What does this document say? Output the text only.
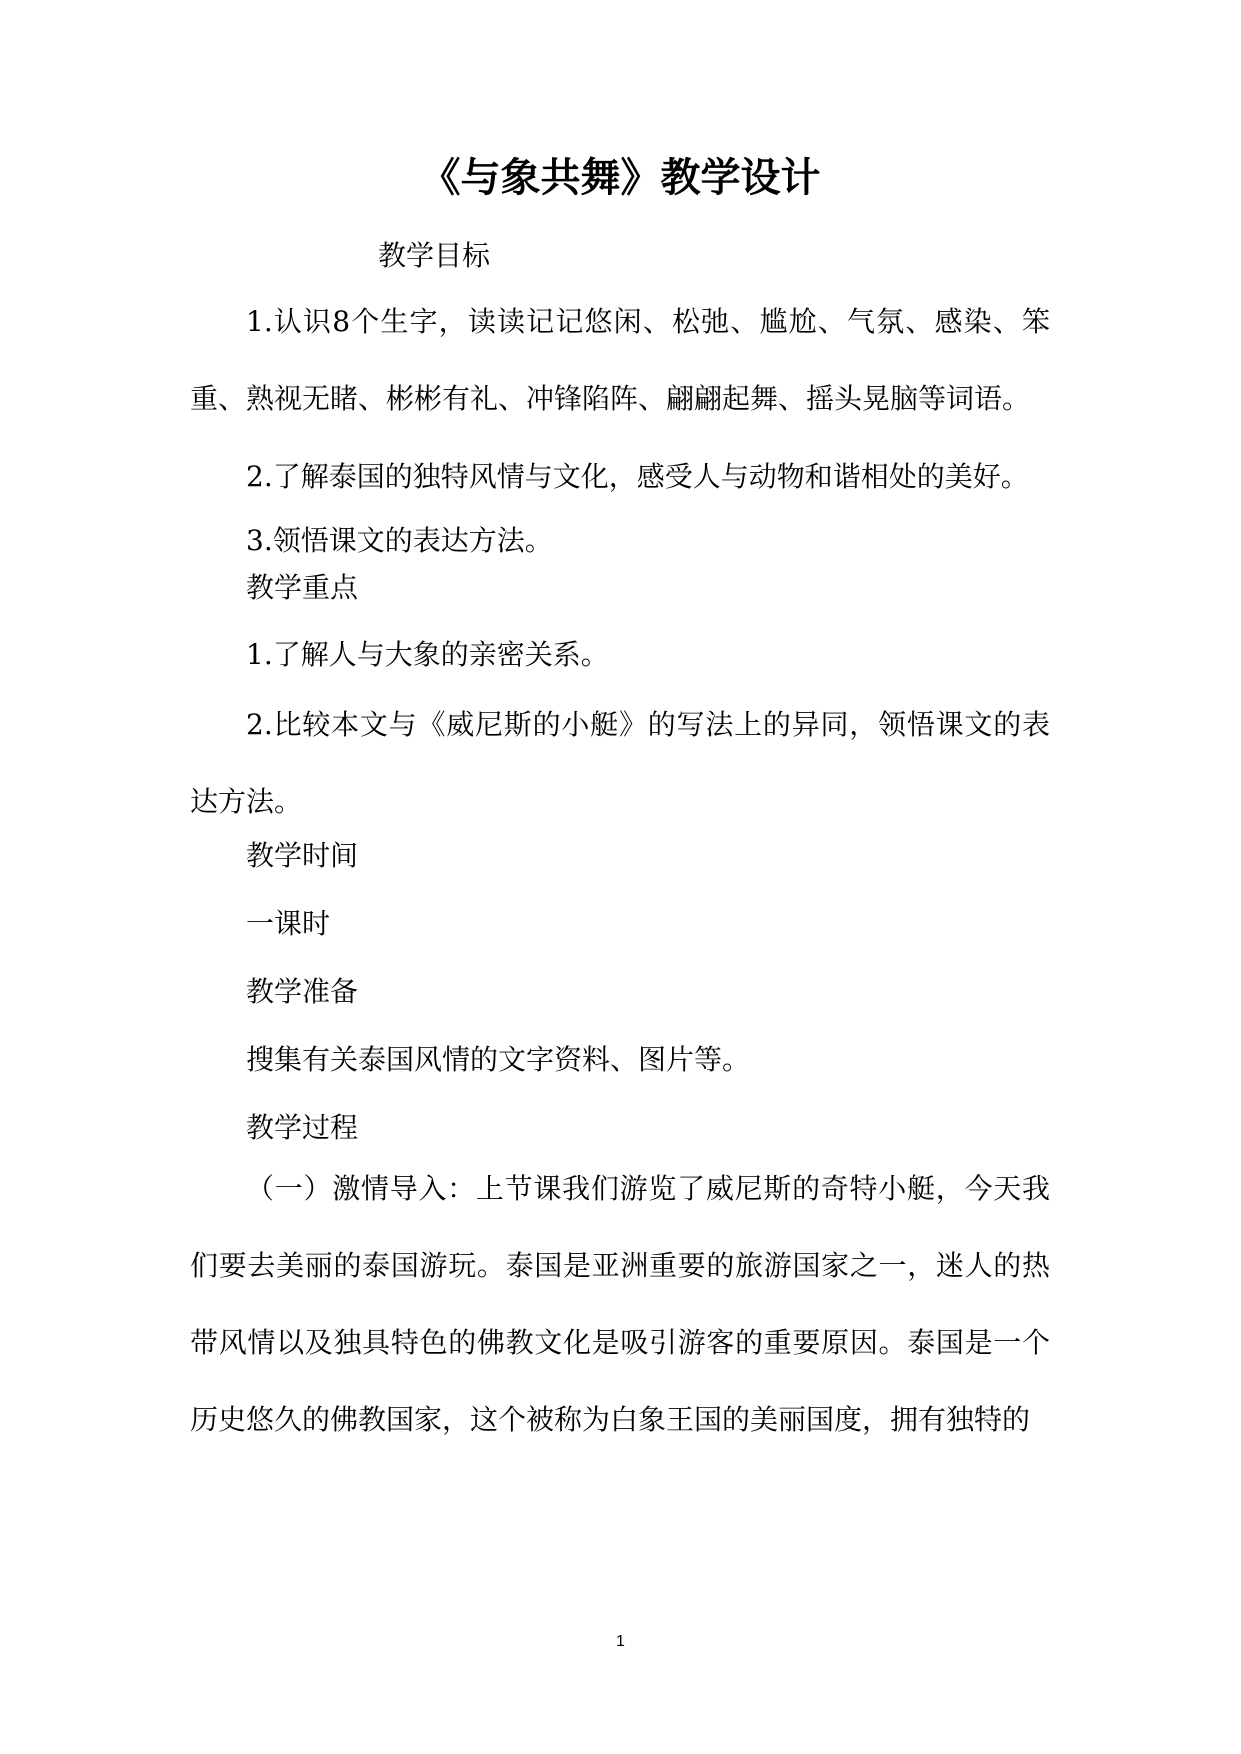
《与象共舞》教学设计
教学目标
1.认识8个生字，读读记记悠闲、松弛、尴尬、气氛、感染、笨重、熟视无睹、彬彬有礼、冲锋陷阵、翩翩起舞、摇头晃脑等词语。
2.了解泰国的独特风情与文化，感受人与动物和谐相处的美好。
3.领悟课文的表达方法。
教学重点
1.了解人与大象的亲密关系。
2.比较本文与《威尼斯的小艇》的写法上的异同，领悟课文的表达方法。
教学时间
一课时
教学准备
搜集有关泰国风情的文字资料、图片等。
教学过程
（一）激情导入：上节课我们游览了威尼斯的奇特小艇，今天我们要去美丽的泰国游玩。泰国是亚洲重要的旅游国家之一，迷人的热带风情以及独具特色的佛教文化是吸引游客的重要原因。泰国是一个历史悠久的佛教国家，这个被称为白象王国的美丽国度，拥有独特的
1
